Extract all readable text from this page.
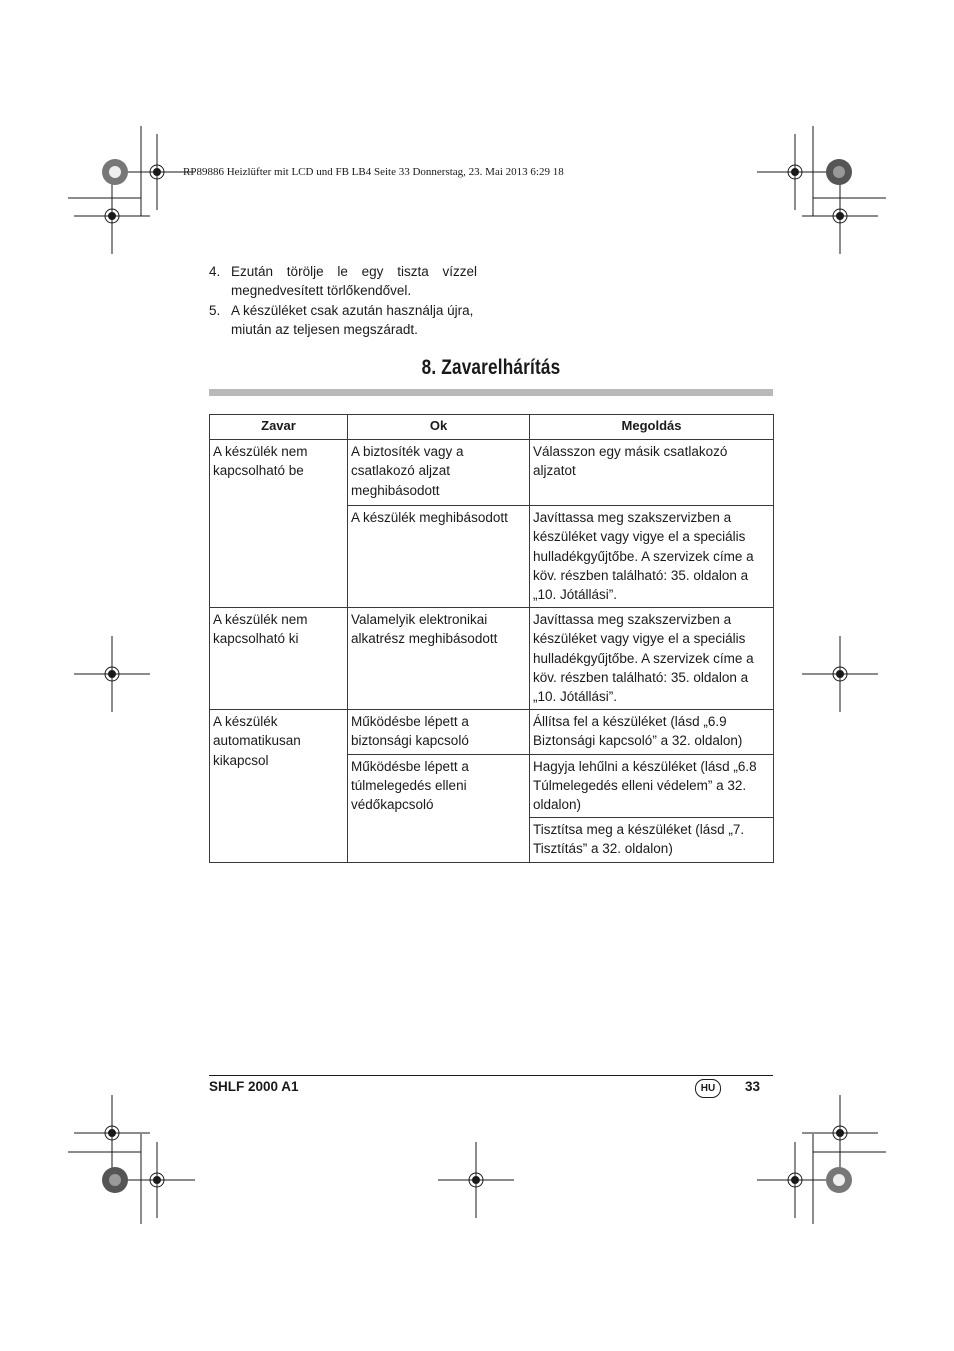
RP89886 Heizlüfter mit LCD und FB LB4 Seite 33 Donnerstag, 23. Mai 2013 6:29 18
4. Ezután törölje le egy tiszta vízzel megnedvesített törlőkendővel.
5. A készüléket csak azután használja újra, miután az teljesen megszáradt.
8. Zavarelhárítás
Zavar	Ok	Megoldás
A készülék nem kapcsolható be	A biztosíték vagy a csatlakozó aljzat meghibásodott	Válasszon egy másik csatlakozó aljzatot
	A készülék meghibásodott	Javíttassa meg szakszervizben a készüléket vagy vigye el a speciális hulladékgyűjtőbe. A szervizek címe a köv. részben található: 35. oldalon a „10. Jótállási”.
A készülék nem kapcsolható ki	Valamelyik elektronikai alkatrész meghibásodott	Javíttassa meg szakszervizben a készüléket vagy vigye el a speciális hulladékgyűjtőbe. A szervizek címe a köv. részben található: 35. oldalon a „10. Jótállási”.
A készülék automatikusan kikapcsol	Működésbe lépett a biztonsági kapcsoló	Állítsa fel a készüléket (lásd „6.9 Biztonsági kapcsoló” a 32. oldalon)
	Működésbe lépett a túlmelegedés elleni védőkapcsoló	Hagyja lehűlni a készüléket (lásd „6.8 Túlmelegedés elleni védelem” a 32. oldalon)
		Tisztítsa meg a készüléket (lásd „7. Tisztítás” a 32. oldalon)
SHLF 2000 A1	HU	33
